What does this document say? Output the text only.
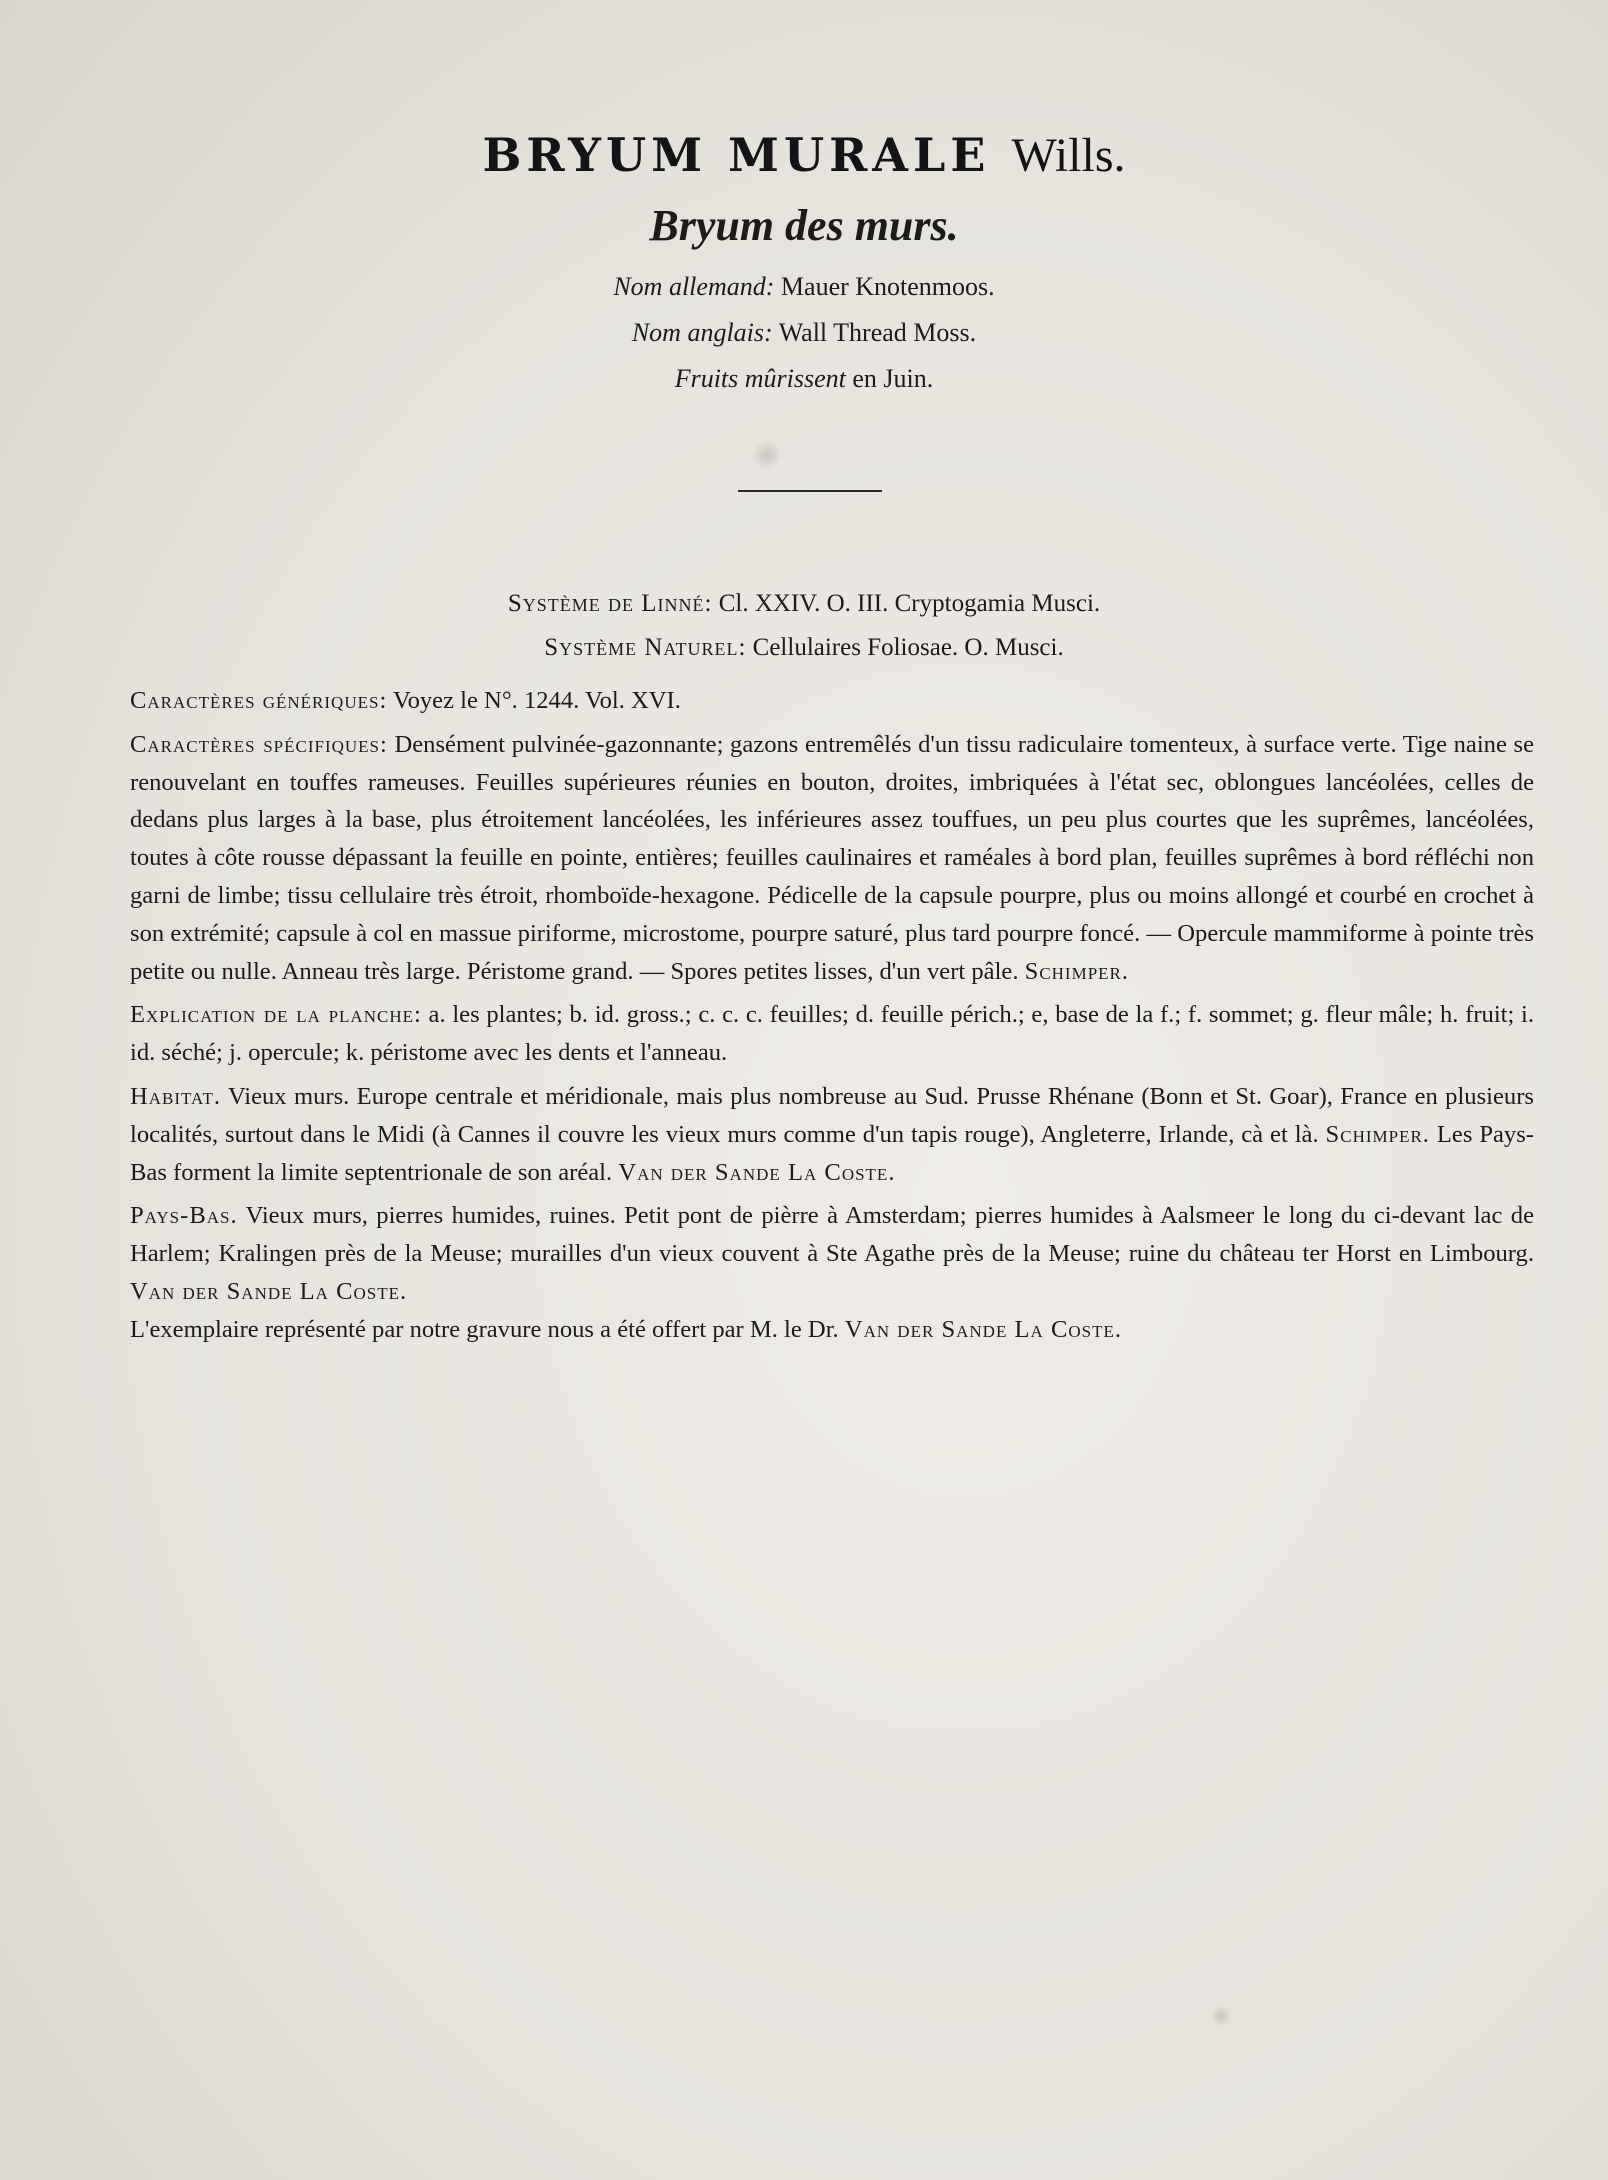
BRYUM MURALE Wills.
Bryum des murs.
Nom allemand: Mauer Knotenmoos.
Nom anglais: Wall Thread Moss.
Fruits mûrissent en Juin.
Système de Linné: Cl. XXIV. O. III. Cryptogamia Musci.
Système Naturel: Cellulaires Foliosae. O. Musci.

Caractères génériques: Voyez le N°. 1244. Vol. XVI.

Caractères spécifiques: Densément pulvinée-gazonnante; gazons entremêlés d'un tissu radiculaire tomenteux, à surface verte. Tige naine se renouvelant en touffes rameuses. Feuilles supérieures réunies en bouton, droites, imbriquées à l'état sec, oblongues lancéolées, celles de dedans plus larges à la base, plus étroitement lancéolées, les inférieures assez touffues, un peu plus courtes que les suprêmes, lancéolées, toutes à côte rousse dépassant la feuille en pointe, entières; feuilles caulinaires et raméales à bord plan, feuilles suprêmes à bord réfléchi non garni de limbe; tissu cellulaire très étroit, rhomboïde-hexagone. Pédicelle de la capsule pourpre, plus ou moins allongé et courbé en crochet à son extrémité; capsule à col en massue piriforme, microstome, pourpre saturé, plus tard pourpre foncé. — Opercule mammiforme à pointe très petite ou nulle. Anneau très large. Péristome grand. — Spores petites lisses, d'un vert pâle. Schimper.

Explication de la planche: a. les plantes; b. id. gross.; c. c. c. feuilles; d. feuille périch.; e, base de la f.; f. sommet; g. fleur mâle; h. fruit; i. id. séché; j. opercule; k. péristome avec les dents et l'anneau.

Habitat. Vieux murs. Europe centrale et méridionale, mais plus nombreuse au Sud. Prusse Rhénane (Bonn et St. Goar), France en plusieurs localités, surtout dans le Midi (à Cannes il couvre les vieux murs comme d'un tapis rouge), Angleterre, Irlande, cà et là. Schimper. Les Pays-Bas forment la limite septentrionale de son aréal. Van der Sande La Coste.

Pays-Bas. Vieux murs, pierres humides, ruines. Petit pont de pièrre à Amsterdam; pierres humides à Aalsmeer le long du ci-devant lac de Harlem; Kralingen près de la Meuse; murailles d'un vieux couvent à Ste Agathe près de la Meuse; ruine du château ter Horst en Limbourg. Van der Sande La Coste.

L'exemplaire représenté par notre gravure nous a été offert par M. le Dr. Van der Sande La Coste.
